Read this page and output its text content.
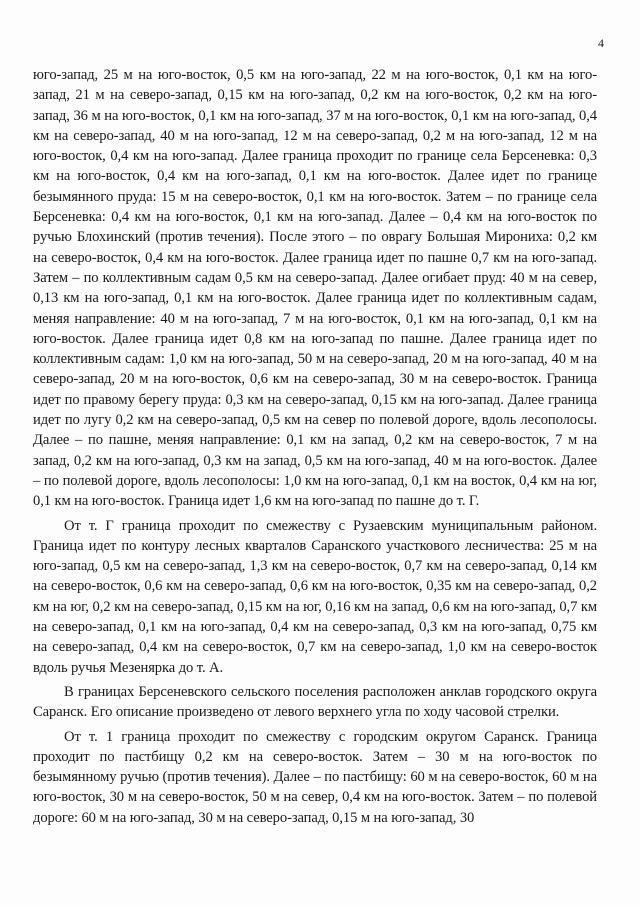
4

юго-запад, 25 м на юго-восток, 0,5 км на юго-запад, 22 м на юго-восток, 0,1 км на юго-запад, 21 м на северо-запад, 0,15 км на юго-запад, 0,2 км на юго-восток, 0,2 км на юго-запад, 36 м на юго-восток, 0,1 км на юго-запад, 37 м на юго-восток, 0,1 км на юго-запад, 0,4 км на северо-запад, 40 м на юго-запад, 12 м на северо-запад, 0,2 м на юго-запад, 12 м на юго-восток, 0,4 км на юго-запад. Далее граница проходит по границе села Берсеневка: 0,3 км на юго-восток, 0,4 км на юго-запад, 0,1 км на юго-восток. Далее идет по границе безымянного пруда: 15 м на северо-восток, 0,1 км на юго-восток. Затем – по границе села Берсеневка: 0,4 км на юго-восток, 0,1 км на юго-запад. Далее – 0,4 км на юго-восток по ручью Блохинский (против течения). После этого – по оврагу Большая Мирониха: 0,2 км на северо-восток, 0,4 км на юго-восток. Далее граница идет по пашне 0,7 км на юго-запад. Затем – по коллективным садам 0,5 км на северо-запад. Далее огибает пруд: 40 м на север, 0,13 км на юго-запад, 0,1 км на юго-восток. Далее граница идет по коллективным садам, меняя направление: 40 м на юго-запад, 7 м на юго-восток, 0,1 км на юго-запад, 0,1 км на юго-восток. Далее граница идет 0,8 км на юго-запад по пашне. Далее граница идет по коллективным садам: 1,0 км на юго-запад, 50 м на северо-запад, 20 м на юго-запад, 40 м на северо-запад, 20 м на юго-восток, 0,6 км на северо-запад, 30 м на северо-восток. Граница идет по правому берегу пруда: 0,3 км на северо-запад, 0,15 км на юго-запад. Далее граница идет по лугу 0,2 км на северо-запад, 0,5 км на север по полевой дороге, вдоль лесополосы. Далее – по пашне, меняя направление: 0,1 км на запад, 0,2 км на северо-восток, 7 м на запад, 0,2 км на юго-запад, 0,3 км на запад, 0,5 км на юго-запад, 40 м на юго-восток. Далее – по полевой дороге, вдоль лесополосы: 1,0 км на юго-запад, 0,1 км на восток, 0,4 км на юг, 0,1 км на юго-восток. Граница идет 1,6 км на юго-запад по пашне до т. Г.

От т. Г граница проходит по смежеству с Рузаевским муниципальным районом. Граница идет по контуру лесных кварталов Саранского участкового лесничества: 25 м на юго-запад, 0,5 км на северо-запад, 1,3 км на северо-восток, 0,7 км на северо-запад, 0,14 км на северо-восток, 0,6 км на северо-запад, 0,6 км на юго-восток, 0,35 км на северо-запад, 0,2 км на юг, 0,2 км на северо-запад, 0,15 км на юг, 0,16 км на запад, 0,6 км на юго-запад, 0,7 км на северо-запад, 0,1 км на юго-запад, 0,4 км на северо-запад, 0,3 км на юго-запад, 0,75 км на северо-запад, 0,4 км на северо-восток, 0,7 км на северо-запад, 1,0 км на северо-восток вдоль ручья Мезенярка до т. А.

В границах Берсеневского сельского поселения расположен анклав городского округа Саранск. Его описание произведено от левого верхнего угла по ходу часовой стрелки.

От т. 1 граница проходит по смежеству с городским округом Саранск. Граница проходит по пастбищу 0,2 км на северо-восток. Затем – 30 м на юго-восток по безымянному ручью (против течения). Далее – по пастбищу: 60 м на северо-восток, 60 м на юго-восток, 30 м на северо-восток, 50 м на север, 0,4 км на юго-восток. Затем – по полевой дороге: 60 м на юго-запад, 30 м на северо-запад, 0,15 м на юго-запад, 30
